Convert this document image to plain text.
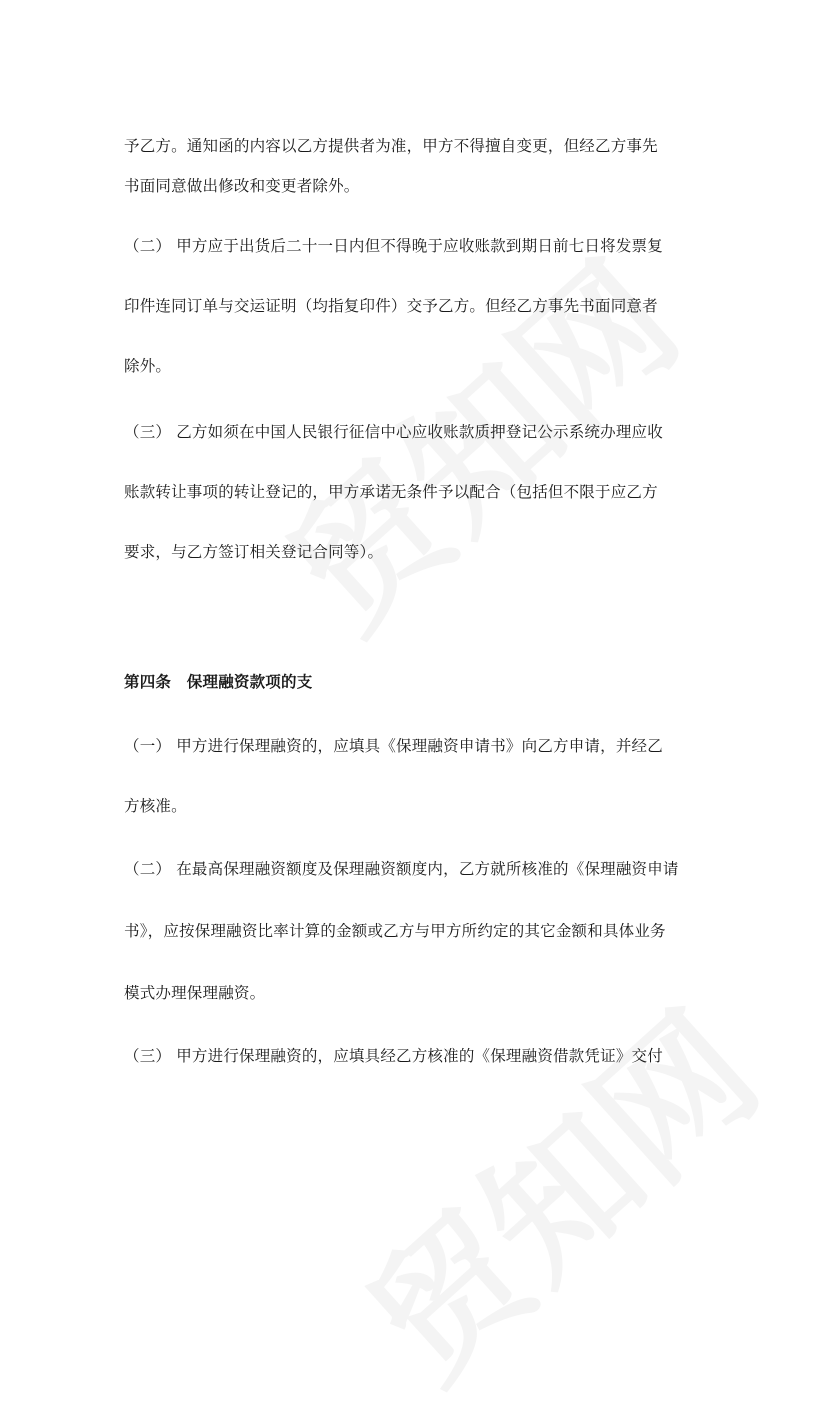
予乙方。通知函的内容以乙方提供者为准，甲方不得擅自变更，但经乙方事先
书面同意做出修改和变更者除外。
（二） 甲方应于出货后二十一日内但不得晚于应收账款到期日前七日将发票复
印件连同订单与交运证明（均指复印件）交予乙方。但经乙方事先书面同意者
除外。
（三） 乙方如须在中国人民银行征信中心应收账款质押登记公示系统办理应收
账款转让事项的转让登记的，甲方承诺无条件予以配合（包括但不限于应乙方
要求，与乙方签订相关登记合同等）。
第四条　保理融资款项的支
（一） 甲方进行保理融资的，应填具《保理融资申请书》向乙方申请，并经乙
方核准。
（二） 在最高保理融资额度及保理融资额度内，乙方就所核准的《保理融资申请
书》，应按保理融资比率计算的金额或乙方与甲方所约定的其它金额和具体业务
模式办理保理融资。
（三） 甲方进行保理融资的，应填具经乙方核准的《保理融资借款凭证》交付
